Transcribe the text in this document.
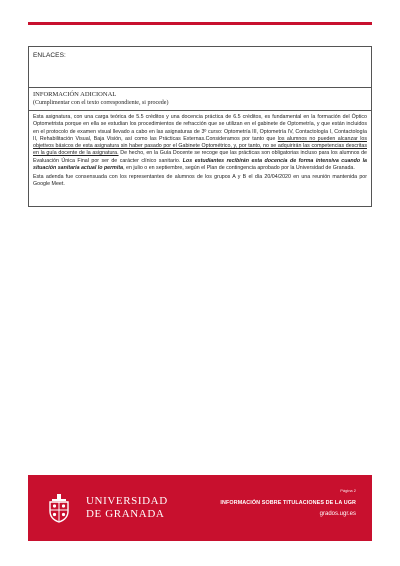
ENLACES:
INFORMACIÓN ADICIONAL
(Cumplimentar con el texto correspondiente, si procede)
Esta asignatura, con una carga teórica de 5.5 créditos y una docencia práctica de 6.5 créditos, es fundamental en la formación del Óptico Optometrista porque en ella se estudian los procedimientos de refracción que se utilizan en el gabinete de Optometría, y que están incluidos en el protocolo de examen visual llevado a cabo en las asignaturas de 3º curso: Optometría III, Optometría IV, Contactología I, Contactología II, Rehabilitación Visual, Baja Visión, así como las Prácticas Externas.Consideramos por tanto que los alumnos no pueden alcanzar los objetivos básicos de esta asignatura sin haber pasado por el Gabinete Optométrico, y, por tanto, no se adquirirán las competencias descritas en la guía docente de la asignatura. De hecho, en la Guía Docente se recoge que las prácticas son obligatorias incluso para los alumnos de Evaluación Única Final por ser de carácter clínico sanitario. Los estudiantes recibirán esta docencia de forma intensiva cuando la situación sanitaria actual lo permita, en julio o en septiembre, según el Plan de contingencia aprobado por la Universidad de Granada.
Esta adenda fue consensuada con los representantes de alumnos de los grupos A y B el día 20/04/2020 en una reunión mantenida por Google Meet.
UNIVERSIDAD
DE GRANADA
Página 2
INFORMACIÓN SOBRE TITULACIONES DE LA UGR
grados.ugr.es
